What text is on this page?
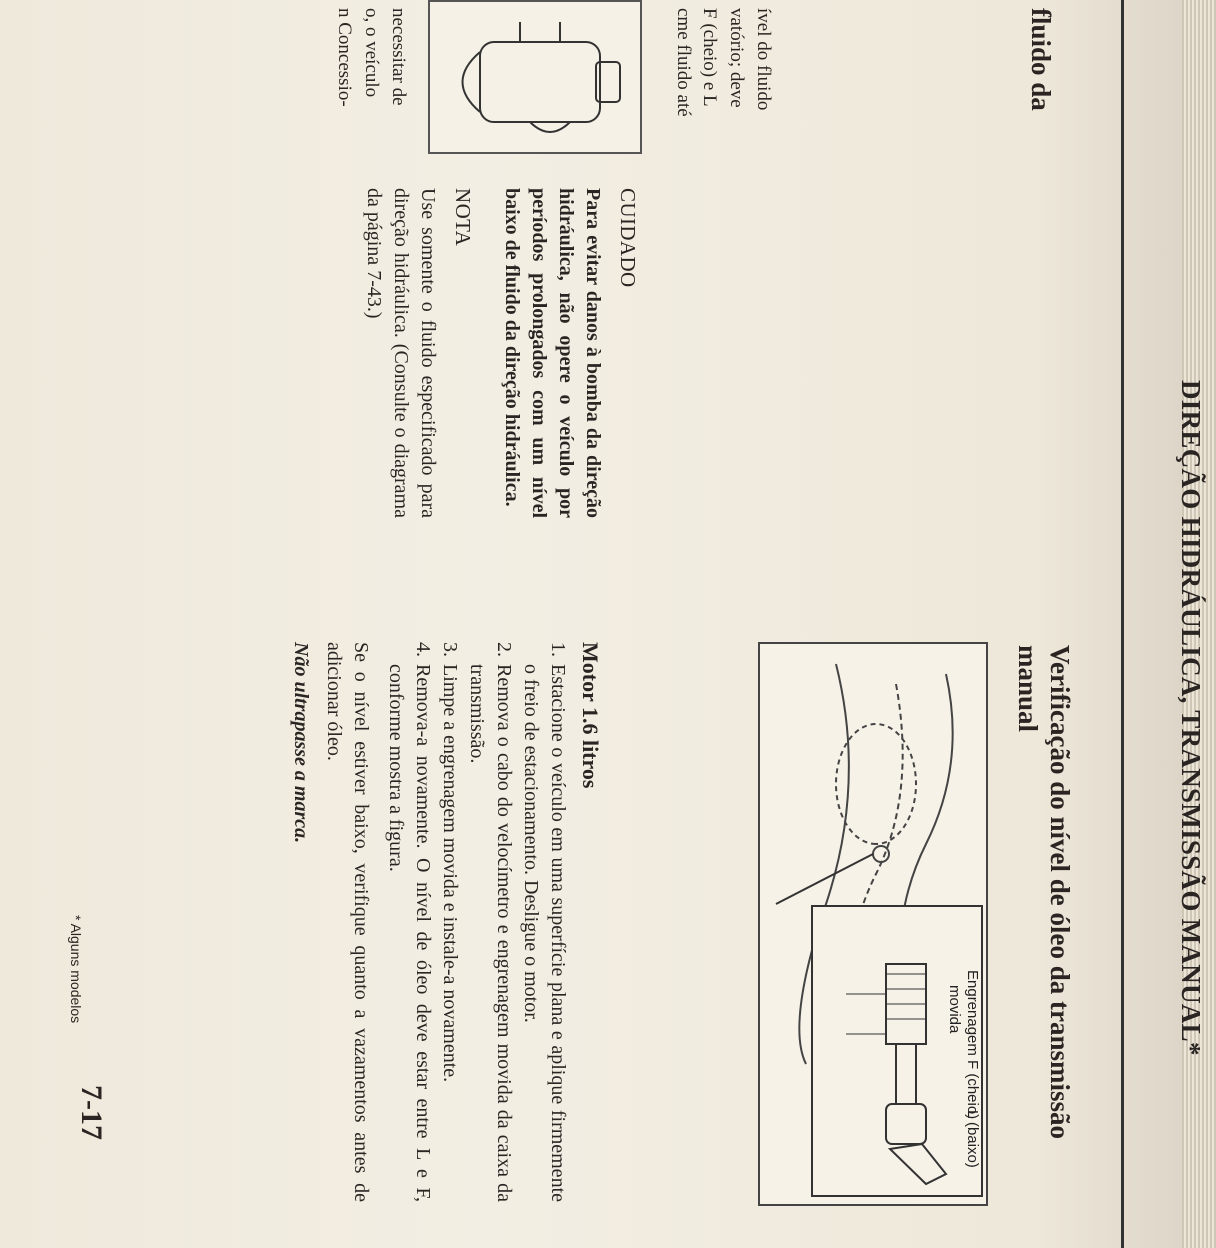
DIREÇÃO HIDRÁULICA, TRANSMISSÃO MANUAL*
fluido da
ível do fluido
vatório; deve
F (cheio) e L
cme fluido até
necessitar de
o, o veículo
n Concessio-
CUIDADO

Para evitar danos à bomba da direção hidráulica, não opere o veículo por períodos prolongados com um nível baixo de fluido da direção hidráulica.

NOTA

Use somente o fluido especificado para direção hidráulica. (Consulte o diagrama da página 7-43.)

Verificação do nível de óleo da transmissão manual
F (cheio)
L (baixo)
Engrenagem
movida
Motor 1.6 litros
1.
Estacione o veículo em uma superfície plana e aplique firmemente o freio de estacionamento. Desligue o motor.
2.
Remova o cabo do velocímetro e engrenagem movida da caixa da transmissão.
3.
Limpe a engrenagem movida e instale-a novamente.
4.
Remova-a novamente. O nível de óleo deve estar entre L e F, conforme mostra a figura.

Se o nível estiver baixo, verifique quanto a vazamentos antes de adicionar óleo.

Não ultrapasse a marca.
* Alguns modelos
7-17
